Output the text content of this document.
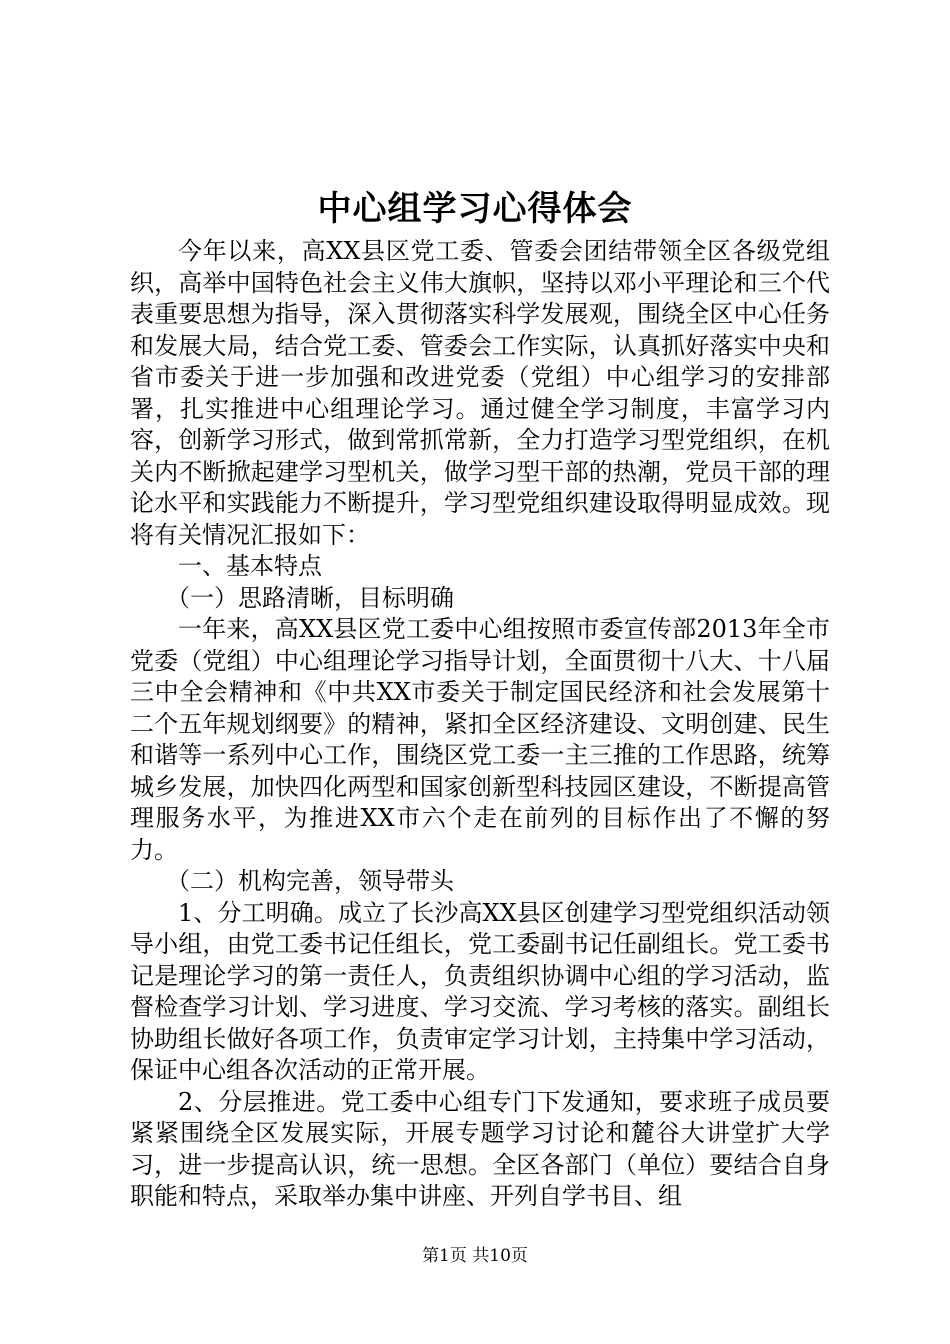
中心组学习心得体会

今年以来，高XX县区党工委、管委会团结带领全区各级党组织，高举中国特色社会主义伟大旗帜，坚持以邓小平理论和三个代表重要思想为指导，深入贯彻落实科学发展观，围绕全区中心任务和发展大局，结合党工委、管委会工作实际，认真抓好落实中央和省市委关于进一步加强和改进党委（党组）中心组学习的安排部署，扎实推进中心组理论学习。通过健全学习制度，丰富学习内容，创新学习形式，做到常抓常新，全力打造学习型党组织，在机关内不断掀起建学习型机关，做学习型干部的热潮，党员干部的理论水平和实践能力不断提升，学习型党组织建设取得明显成效。现将有关情况汇报如下：

一、基本特点

（一）思路清晰，目标明确

一年来，高XX县区党工委中心组按照市委宣传部2013年全市党委（党组）中心组理论学习指导计划，全面贯彻十八大、十八届三中全会精神和《中共XX市委关于制定国民经济和社会发展第十二个五年规划纲要》的精神，紧扣全区经济建设、文明创建、民生和谐等一系列中心工作，围绕区党工委一主三推的工作思路，统筹城乡发展，加快四化两型和国家创新型科技园区建设，不断提高管理服务水平，为推进XX市六个走在前列的目标作出了不懈的努力。

（二）机构完善，领导带头

1、分工明确。成立了长沙高XX县区创建学习型党组织活动领导小组，由党工委书记任组长，党工委副书记任副组长。党工委书记是理论学习的第一责任人，负责组织协调中心组的学习活动，监督检查学习计划、学习进度、学习交流、学习考核的落实。副组长协助组长做好各项工作，负责审定学习计划，主持集中学习活动，保证中心组各次活动的正常开展。

2、分层推进。党工委中心组专门下发通知，要求班子成员要紧紧围绕全区发展实际，开展专题学习讨论和麓谷大讲堂扩大学习，进一步提高认识，统一思想。全区各部门（单位）要结合自身职能和特点，采取举办集中讲座、开列自学书目、组

第1页 共10页
